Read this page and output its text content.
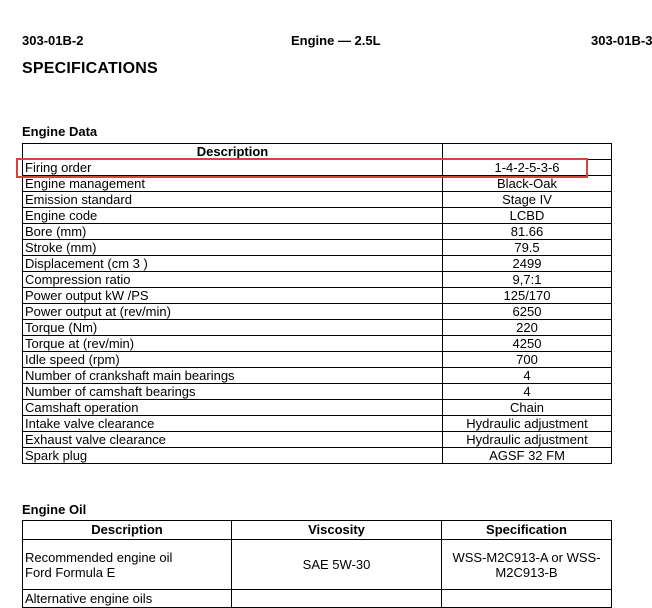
303-01B-2	Engine — 2.5L	303-01B-3
SPECIFICATIONS
Engine Data
Description	
Firing order	1-4-2-5-3-6
Engine management	Black-Oak
Emission standard	Stage IV
Engine code	LCBD
Bore (mm)	81.66
Stroke (mm)	79.5
Displacement (cm 3 )	2499
Compression ratio	9,7:1
Power output kW /PS	125/170
Power output at (rev/min)	6250
Torque (Nm)	220
Torque at (rev/min)	4250
Idle speed (rpm)	700
Number of crankshaft main bearings	4
Number of camshaft bearings	4
Camshaft operation	Chain
Intake valve clearance	Hydraulic adjustment
Exhaust valve clearance	Hydraulic adjustment
Spark plug	AGSF 32 FM
Engine Oil
Description	Viscosity	Specification

Recommended engine oil
Ford Formula E	SAE 5W-30	WSS-M2C913-A or WSS-M2C913-B

Alternative engine oils		
